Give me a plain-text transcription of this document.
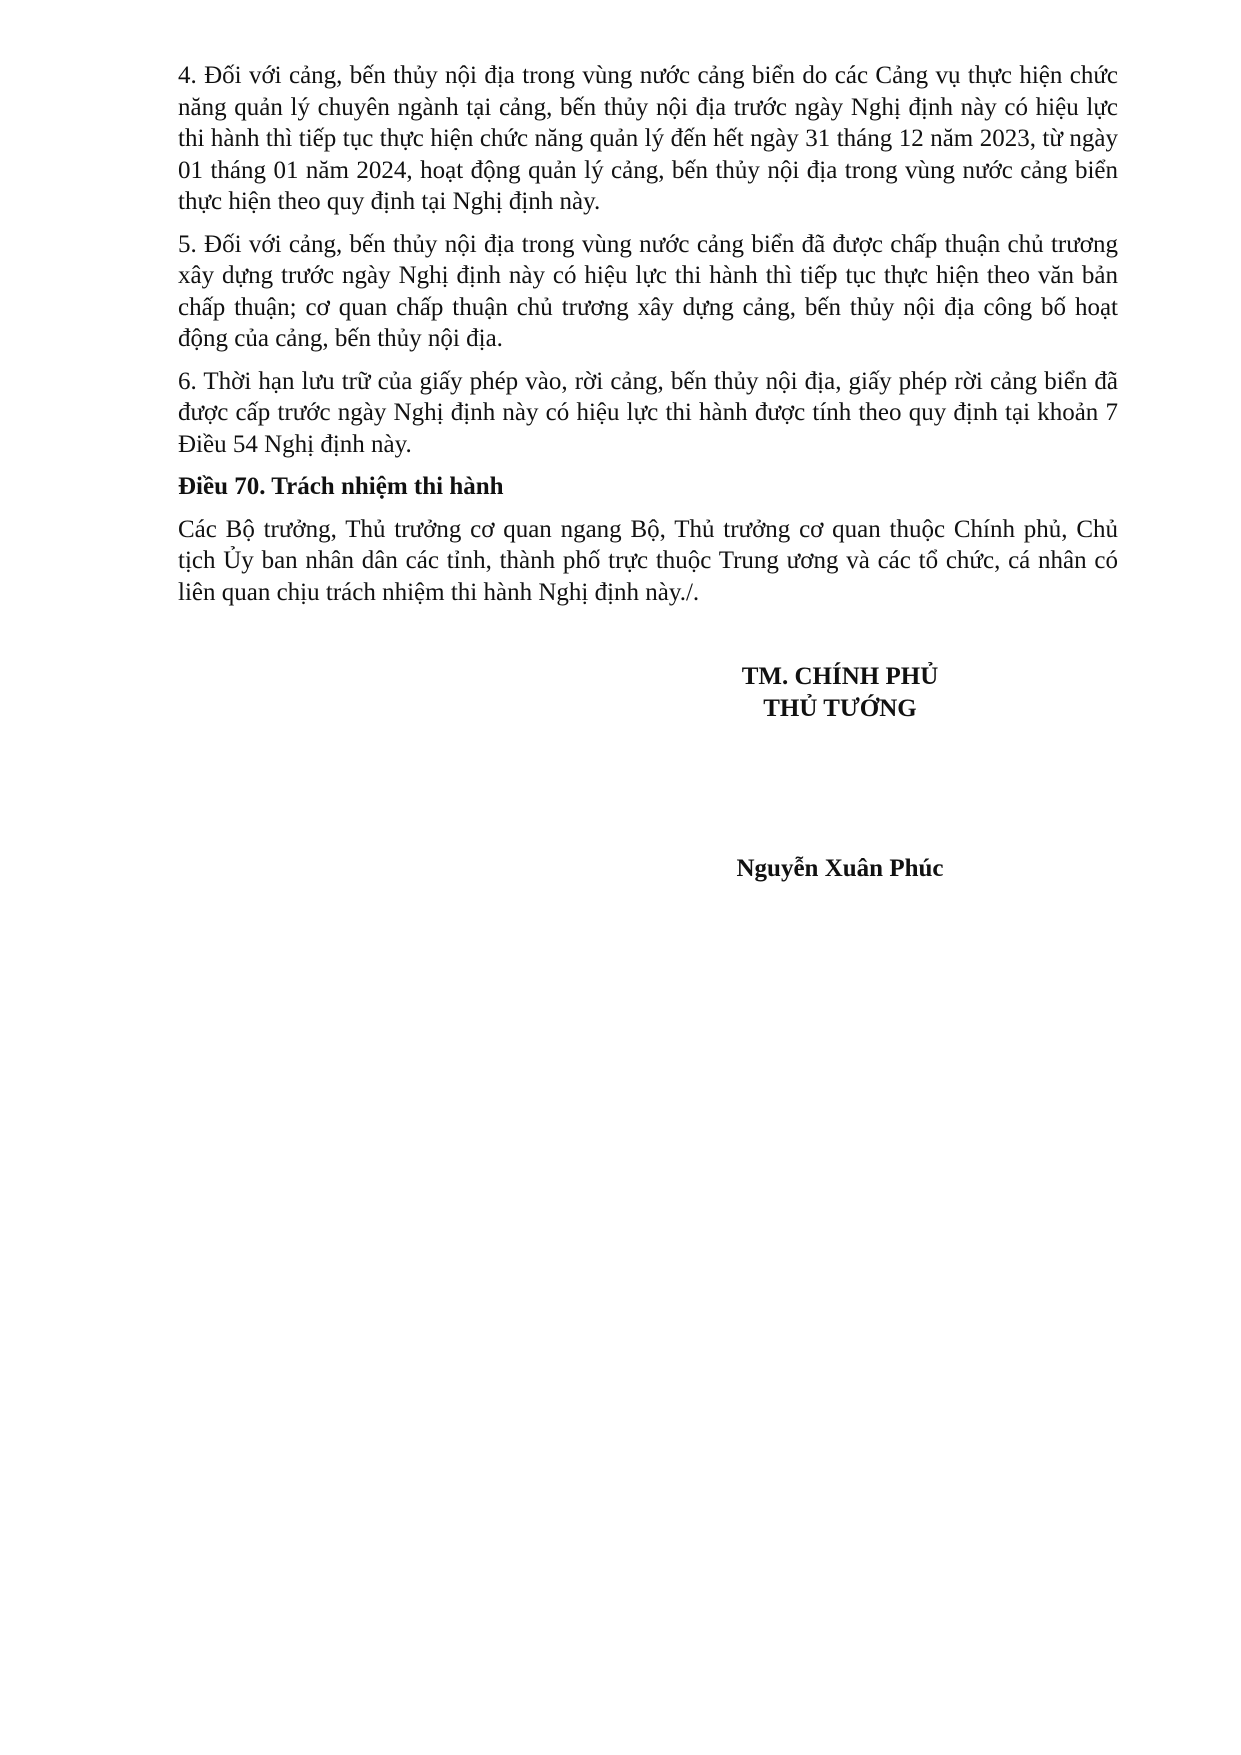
4. Đối với cảng, bến thủy nội địa trong vùng nước cảng biển do các Cảng vụ thực hiện chức năng quản lý chuyên ngành tại cảng, bến thủy nội địa trước ngày Nghị định này có hiệu lực thi hành thì tiếp tục thực hiện chức năng quản lý đến hết ngày 31 tháng 12 năm 2023, từ ngày 01 tháng 01 năm 2024, hoạt động quản lý cảng, bến thủy nội địa trong vùng nước cảng biển thực hiện theo quy định tại Nghị định này.

5. Đối với cảng, bến thủy nội địa trong vùng nước cảng biển đã được chấp thuận chủ trương xây dựng trước ngày Nghị định này có hiệu lực thi hành thì tiếp tục thực hiện theo văn bản chấp thuận; cơ quan chấp thuận chủ trương xây dựng cảng, bến thủy nội địa công bố hoạt động của cảng, bến thủy nội địa.

6. Thời hạn lưu trữ của giấy phép vào, rời cảng, bến thủy nội địa, giấy phép rời cảng biển đã được cấp trước ngày Nghị định này có hiệu lực thi hành được tính theo quy định tại khoản 7 Điều 54 Nghị định này.

Điều 70. Trách nhiệm thi hành

Các Bộ trưởng, Thủ trưởng cơ quan ngang Bộ, Thủ trưởng cơ quan thuộc Chính phủ, Chủ tịch Ủy ban nhân dân các tỉnh, thành phố trực thuộc Trung ương và các tổ chức, cá nhân có liên quan chịu trách nhiệm thi hành Nghị định này./.

TM. CHÍNH PHỦ
THỦ TƯỚNG
Nguyễn Xuân Phúc
